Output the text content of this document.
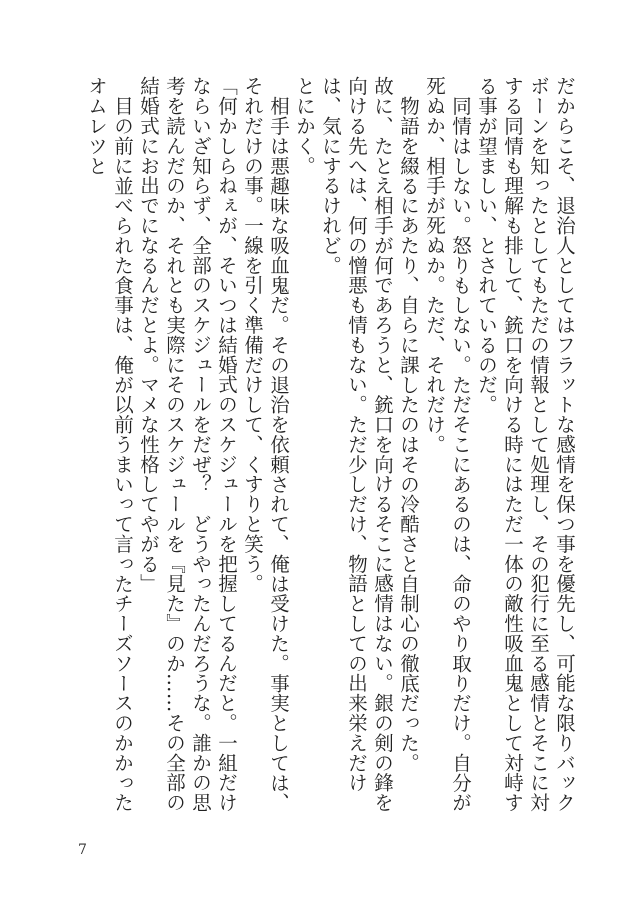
だからこそ、退治人としてはフラットな感情を保つ事を優先し、可能な限りバックボーンを知ったとしてもただの情報として処理し、その犯行に至る感情とそこに対する同情も理解も排して、銃口を向ける時にはただ一体の敵性吸血鬼として対峙する事が望ましい、とされているのだ。

同情はしない。怒りもしない。ただそこにあるのは、命のやり取りだけ。自分が死ぬか、相手が死ぬか。ただ、それだけ。

物語を綴るにあたり、自らに課したのはその冷酷さと自制心の徹底だった。

故に、たとえ相手が何であろうと、銃口を向けるそこに感情はない。銀の剣の鋒を向ける先へは、何の憎悪も情もない。ただ少しだけ、物語としての出来栄えだけは、気にするけれど。

とにかく。

相手は悪趣味な吸血鬼だ。その退治を依頼されて、俺は受けた。事実としては、それだけの事。一線を引く準備だけして、くすりと笑う。

「何かしらねぇが、そいつは結婚式のスケジュールを把握してるんだと。一組だけならいざ知らず、全部のスケジュールをだぜ？　どうやったんだろうな。誰かの思考を読んだのか、それとも実際にそのスケジュールを『見た』のか……その全部の結婚式にお出でになるんだとよ。マメな性格してやがる」

目の前に並べられた食事は、俺が以前うまいって言ったチーズソースのかかったオムレツと

7
